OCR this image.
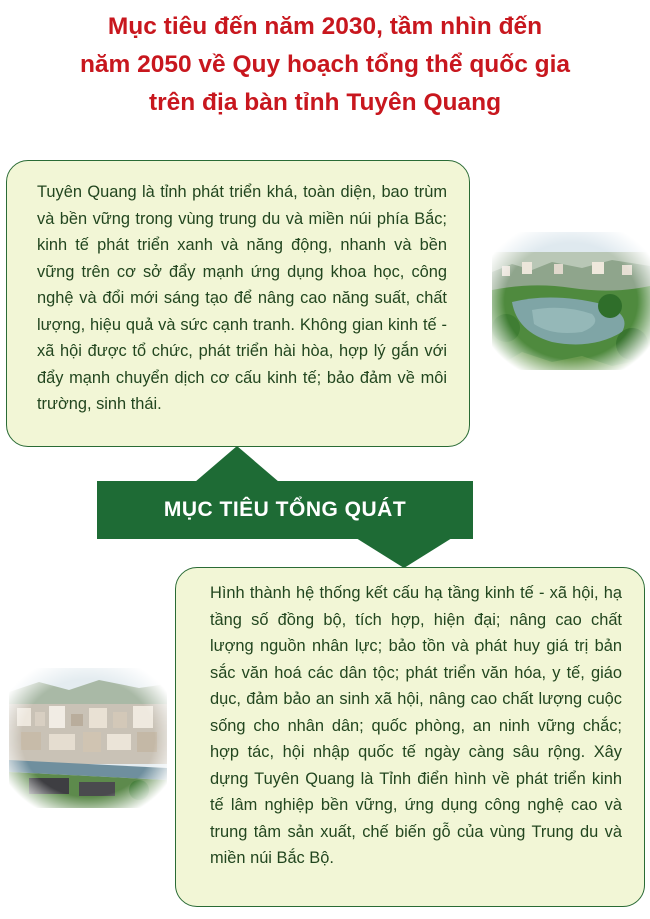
Mục tiêu đến năm 2030, tầm nhìn đến
năm 2050 về Quy hoạch tổng thể quốc gia
trên địa bàn tỉnh Tuyên Quang
Tuyên Quang là tỉnh phát triển khá, toàn diện, bao trùm và bền vững trong vùng trung du và miền núi phía Bắc; kinh tế phát triển xanh và năng động, nhanh và bền vững trên cơ sở đẩy mạnh ứng dụng khoa học, công nghệ và đổi mới sáng tạo để nâng cao năng suất, chất lượng, hiệu quả và sức cạnh tranh. Không gian kinh tế - xã hội được tổ chức, phát triển hài hòa, hợp lý gắn với đẩy mạnh chuyển dịch cơ cấu kinh tế; bảo đảm về môi trường, sinh thái.
MỤC TIÊU TỔNG QUÁT
Hình thành hệ thống kết cấu hạ tầng kinh tế - xã hội, hạ tầng số đồng bộ, tích hợp, hiện đại; nâng cao chất lượng nguồn nhân lực; bảo tồn và phát huy giá trị bản sắc văn hoá các dân tộc; phát triển văn hóa, y tế, giáo dục, đảm bảo an sinh xã hội, nâng cao chất lượng cuộc sống cho nhân dân; quốc phòng, an ninh vững chắc; hợp tác, hội nhập quốc tế ngày càng sâu rộng. Xây dựng Tuyên Quang là Tỉnh điển hình về phát triển kinh tế lâm nghiệp bền vững, ứng dụng công nghệ cao và trung tâm sản xuất, chế biến gỗ của vùng Trung du và miền núi Bắc Bộ.
